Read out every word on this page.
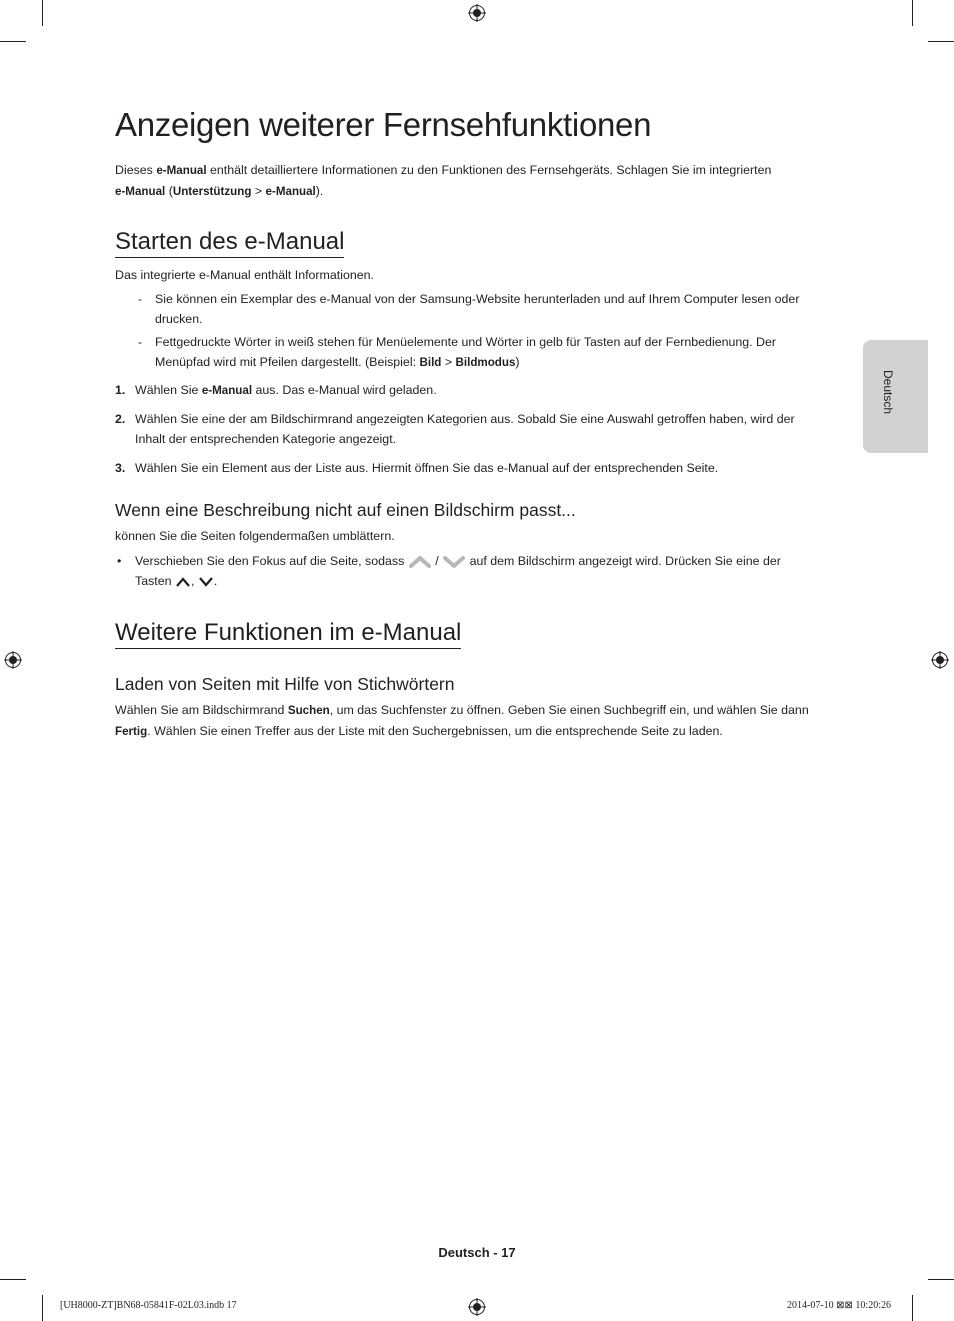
Anzeigen weiterer Fernsehfunktionen

Dieses e-Manual enthält detailliertere Informationen zu den Funktionen des Fernsehgeräts. Schlagen Sie im integrierten
e-Manual (Unterstützung > e-Manual).

Starten des e-Manual

Das integrierte e-Manual enthält Informationen.

- Sie können ein Exemplar des e-Manual von der Samsung-Website herunterladen und auf Ihrem Computer lesen oder
drucken.

- Fettgedruckte Wörter in weiß stehen für Menüelemente und Wörter in gelb für Tasten auf der Fernbedienung. Der
Menüpfad wird mit Pfeilen dargestellt. (Beispiel: Bild > Bildmodus)

1. Wählen Sie e-Manual aus. Das e-Manual wird geladen.

2. Wählen Sie eine der am Bildschirmrand angezeigten Kategorien aus. Sobald Sie eine Auswahl getroffen haben, wird der
Inhalt der entsprechenden Kategorie angezeigt.

3. Wählen Sie ein Element aus der Liste aus. Hiermit öffnen Sie das e-Manual auf der entsprechenden Seite.

Wenn eine Beschreibung nicht auf einen Bildschirm passt...

können Sie die Seiten folgendermaßen umblättern.

• Verschieben Sie den Fokus auf die Seite, sodass  / auf dem Bildschirm angezeigt wird. Drücken Sie eine der
Tasten , .

Weitere Funktionen im e-Manual
Laden von Seiten mit Hilfe von Stichwörtern

Wählen Sie am Bildschirmrand Suchen, um das Suchfenster zu öffnen. Geben Sie einen Suchbegriff ein, und wählen Sie dann
Fertig. Wählen Sie einen Treffer aus der Liste mit den Suchergebnissen, um die entsprechende Seite zu laden.

Deutsch
Deutsch - 17
[UH8000-ZT]BN68-05841F-02L03.indb 17	2014-07-10 ⊠⊠ 10:20:26
